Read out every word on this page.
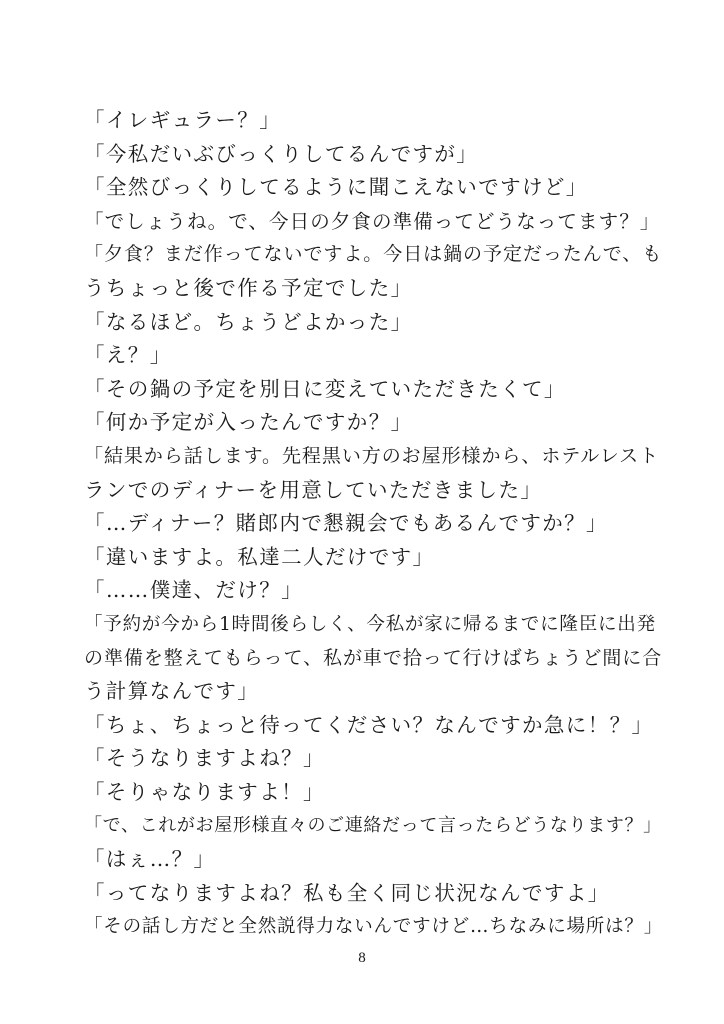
「イレギュラー？」
「今私だいぶびっくりしてるんですが」
「全然びっくりしてるように聞こえないですけど」
「でしょうね。で、今日の夕食の準備ってどうなってます？」
「夕食？まだ作ってないですよ。今日は鍋の予定だったんで、も
うちょっと後で作る予定でした」
「なるほど。ちょうどよかった」
「え？」
「その鍋の予定を別日に変えていただきたくて」
「何か予定が入ったんですか？」
「結果から話します。先程黒い方のお屋形様から、ホテルレスト
ランでのディナーを用意していただきました」
「…ディナー？賭郎内で懇親会でもあるんですか？」
「違いますよ。私達二人だけです」
「……僕達、だけ？」
「予約が今から1時間後らしく、今私が家に帰るまでに隆臣に出発
の準備を整えてもらって、私が車で拾って行けばちょうど間に合
う計算なんです」
「ちょ、ちょっと待ってください？なんですか急に！？」
「そうなりますよね？」
「そりゃなりますよ！」
「で、これがお屋形様直々のご連絡だって言ったらどうなります？」
「はぇ…？」
「ってなりますよね？私も全く同じ状況なんですよ」
「その話し方だと全然説得力ないんですけど…ちなみに場所は？」
8
